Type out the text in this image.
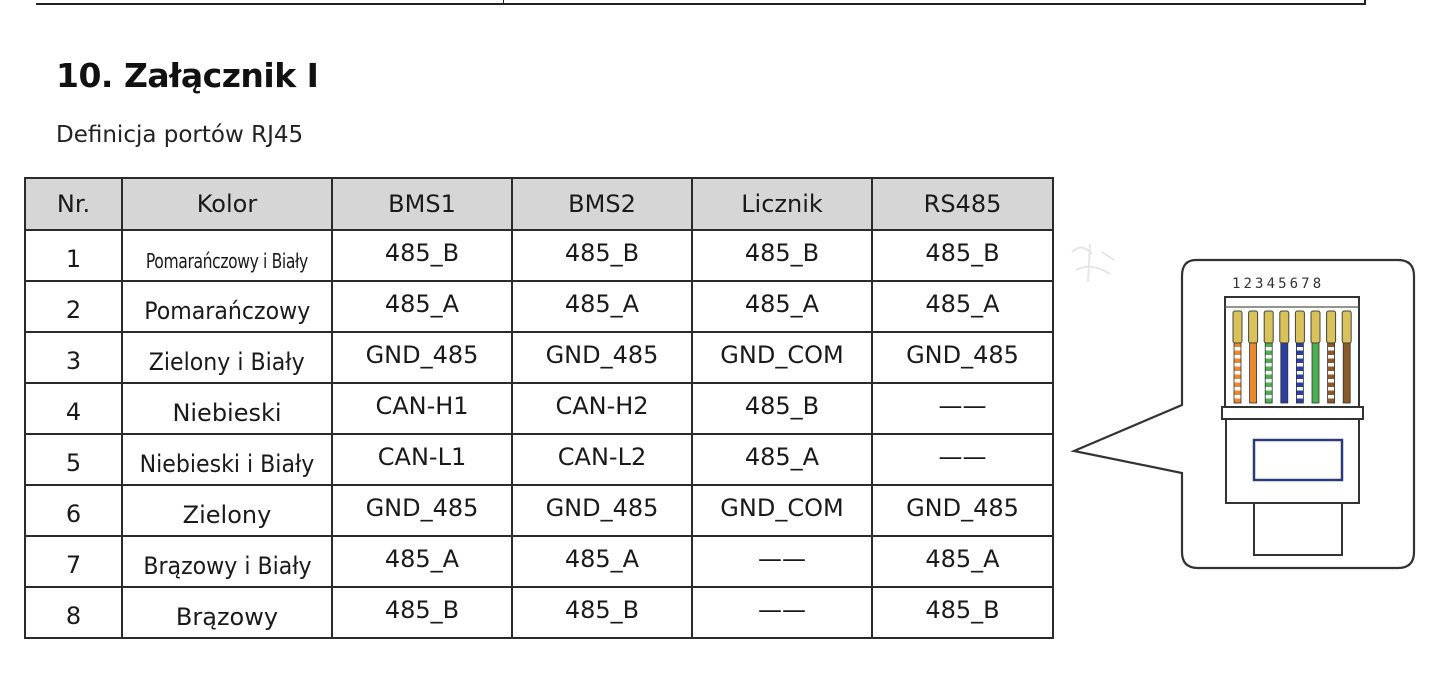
10. Załącznik I

Definicja portów RJ45

Nr.	Kolor	BMS1	BMS2	Licznik	RS485
1	Pomarańczowy i Biały	485_B	485_B	485_B	485_B
2	Pomarańczowy	485_A	485_A	485_A	485_A
3	Zielony i Biały	GND_485	GND_485	GND_COM	GND_485
4	Niebieski	CAN-H1	CAN-H2	485_B	——
5	Niebieski i Biały	CAN-L1	CAN-L2	485_A	——
6	Zielony	GND_485	GND_485	GND_COM	GND_485
7	Brązowy i Biały	485_A	485_A	——	485_A
8	Brązowy	485_B	485_B	——	485_B
12345678
